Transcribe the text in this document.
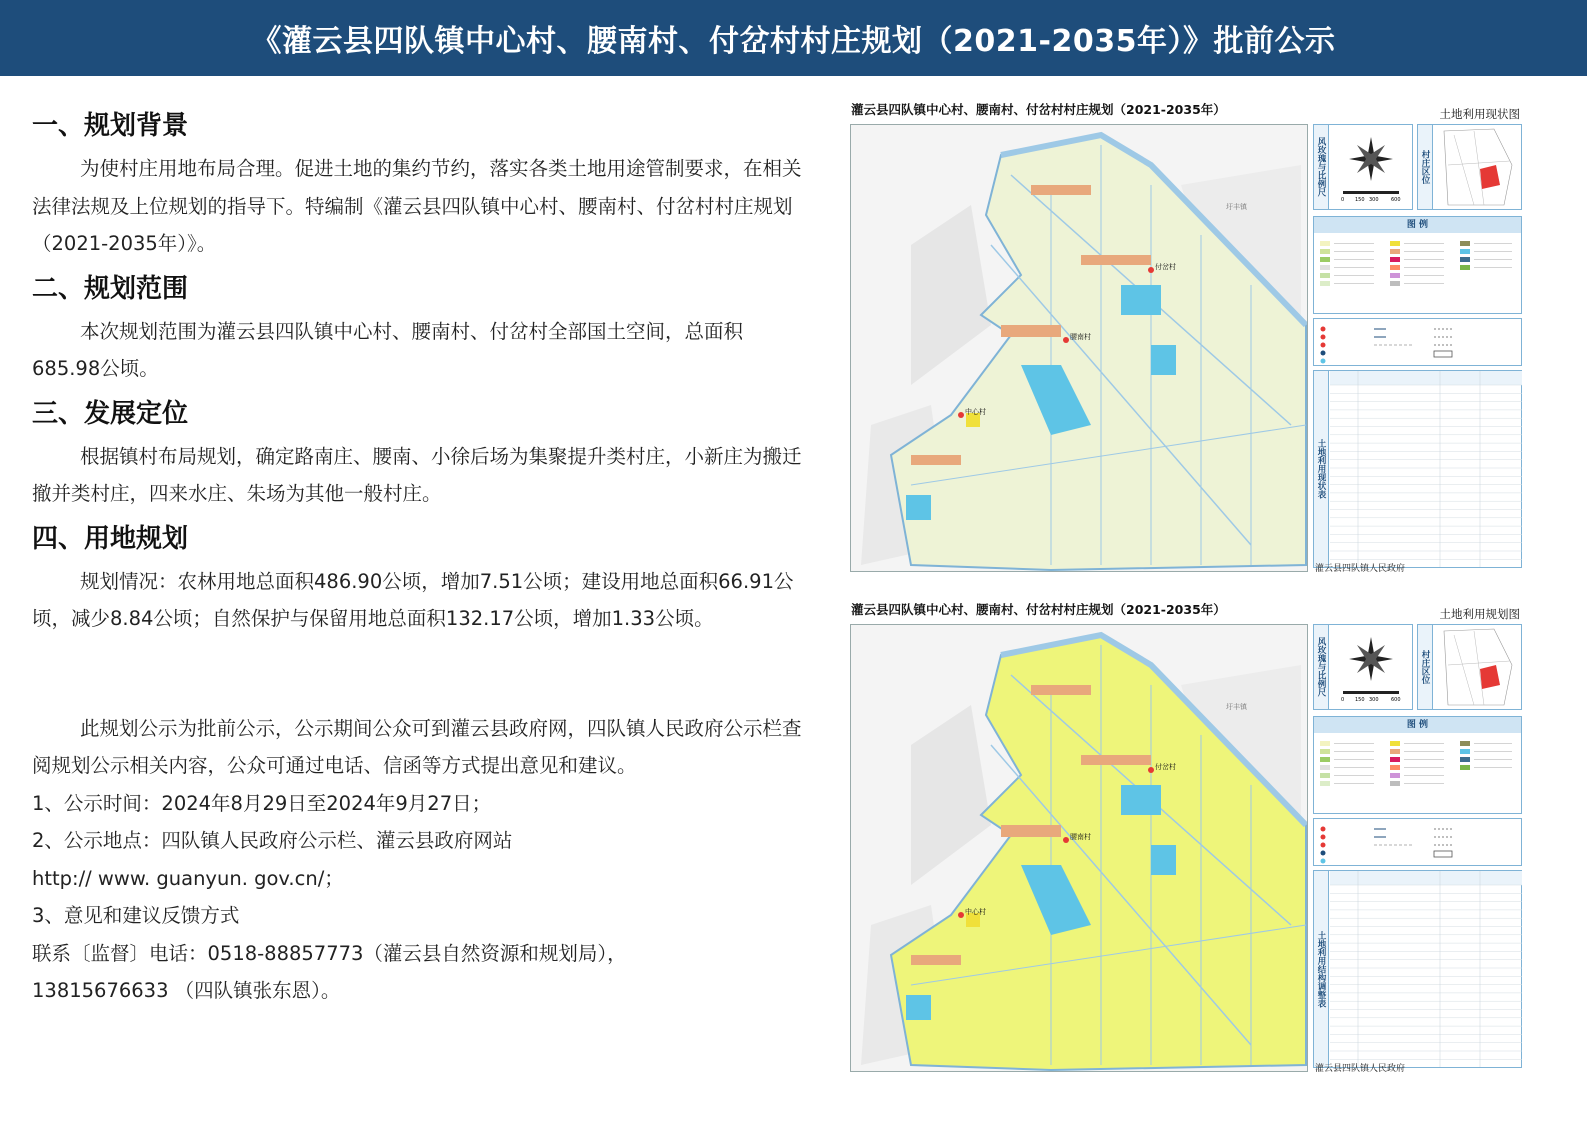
《灌云县四队镇中心村、腰南村、付岔村村庄规划（2021-2035年）》批前公示
一、规划背景

为使村庄用地布局合理。促进土地的集约节约，落实各类土地用途管制要求，在相关法律法规及上位规划的指导下。特编制《灌云县四队镇中心村、腰南村、付岔村村庄规划（2021-2035年）》。

二、规划范围

本次规划范围为灌云县四队镇中心村、腰南村、付岔村全部国土空间，总面积685.98公顷。

三、发展定位

根据镇村布局规划，确定路南庄、腰南、小徐后场为集聚提升类村庄，小新庄为搬迁撤并类村庄，四来水庄、朱场为其他一般村庄。

四、用地规划

规划情况：农林用地总面积486.90公顷，增加7.51公顷；建设用地总面积66.91公顷，减少8.84公顷；自然保护与保留用地总面积132.17公顷，增加1.33公顷。

此规划公示为批前公示，公示期间公众可到灌云县政府网，四队镇人民政府公示栏查阅规划公示相关内容，公众可通过电话、信函等方式提出意见和建议。

1、公示时间：2024年8月29日至2024年9月27日；

2、公示地点：四队镇人民政府公示栏、灌云县政府网站

http:// www. guanyun. gov.cn/；

3、意见和建议反馈方式

联系〔监督〕电话：0518-88857773（灌云县自然资源和规划局），

13815676633 （四队镇张东恩）。

灌云县四队镇中心村、腰南村、付岔村村庄规划（2021-2035年）	土地利用现状图
付岔村
腰南村
中心村
圩丰镇
风玫瑰与比例尺
0 150 300 600
村庄区位
图 例
土地利用现状表
灌云县四队镇人民政府
灌云县四队镇中心村、腰南村、付岔村村庄规划（2021-2035年）	土地利用规划图
付岔村
腰南村
中心村
圩丰镇
风玫瑰与比例尺
0 150 300 600
村庄区位
图 例
土地利用结构调整表
灌云县四队镇人民政府
